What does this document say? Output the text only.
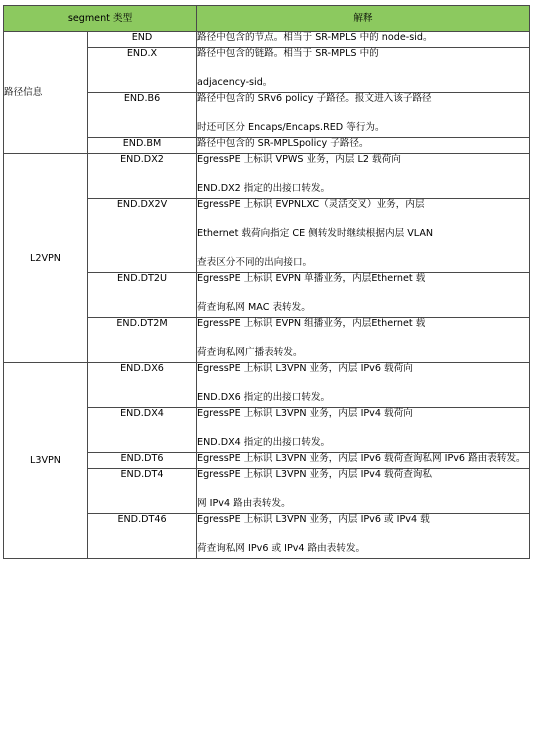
segment 类型		解释
路径信息	END	路径中包含的节点。相当于 SR-MPLS 中的 node-sid。

	END.X	路径中包含的链路。相当于 SR-MPLS 中的
adjacency-sid。

	END.B6	路径中包含的 SRv6 policy 子路径。报文进入该子路径
时还可区分 Encaps/Encaps.RED 等行为。

	END.BM	路径中包含的 SR-MPLSpolicy 子路径。

L2VPN	END.DX2	EgressPE 上标识 VPWS 业务，内层 L2 载荷向
END.DX2 指定的出接口转发。

	END.DX2V	EgressPE 上标识 EVPNLXC（灵活交叉）业务，内层
Ethernet 载荷向指定 CE 侧转发时继续根据内层 VLAN
查表区分不同的出向接口。

	END.DT2U	EgressPE 上标识 EVPN 单播业务，内层Ethernet 载
荷查询私网 MAC 表转发。

	END.DT2M	EgressPE 上标识 EVPN 组播业务，内层Ethernet 载
荷查询私网广播表转发。

L3VPN	END.DX6	EgressPE 上标识 L3VPN 业务，内层 IPv6 载荷向
END.DX6 指定的出接口转发。

	END.DX4	EgressPE 上标识 L3VPN 业务，内层 IPv4 载荷向
END.DX4 指定的出接口转发。

	END.DT6	EgressPE 上标识 L3VPN 业务，内层 IPv6 载荷查询私网 IPv6 路由表转发。

	END.DT4	EgressPE 上标识 L3VPN 业务，内层 IPv4 载荷查询私
网 IPv4 路由表转发。

	END.DT46	EgressPE 上标识 L3VPN 业务，内层 IPv6 或 IPv4 载
荷查询私网 IPv6 或 IPv4 路由表转发。
